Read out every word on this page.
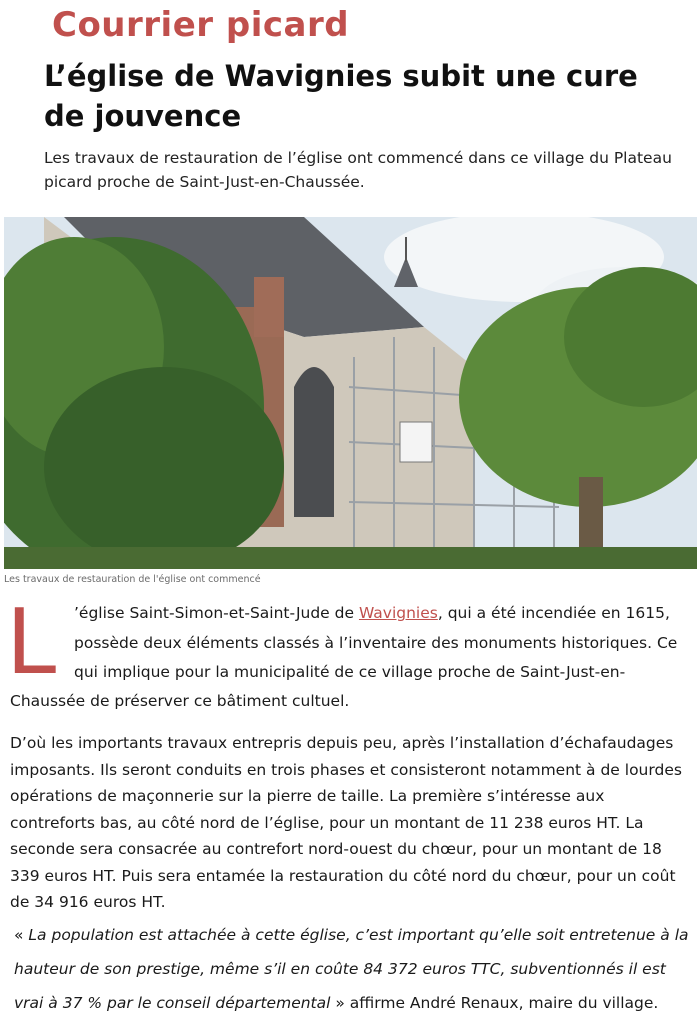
Courrier picard
L’église de Wavignies subit une cure de jouvence
Les travaux de restauration de l’église ont commencé dans ce village du Plateau picard proche de Saint-Just-en-Chaussée.
Les travaux de restauration de l'église ont commencé
L ’église Saint-Simon-et-Saint-Jude de Wavignies, qui a été incendiée en 1615, possède deux éléments classés à l’inventaire des monuments historiques. Ce qui implique pour la municipalité de ce village proche de Saint-Just-en-
Chaussée de préserver ce bâtiment cultuel.
D’où les importants travaux entrepris depuis peu, après l’installation d’échafaudages imposants. Ils seront conduits en trois phases et consisteront notamment à de lourdes opérations de maçonnerie sur la pierre de taille. La première s’intéresse aux contreforts bas, au côté nord de l’église, pour un montant de 11 238 euros HT. La seconde sera consacrée au contrefort nord-ouest du chœur, pour un montant de 18 339 euros HT. Puis sera entamée la restauration du côté nord du chœur, pour un coût de 34 916 euros HT.
« La population est attachée à cette église, c’est important qu’elle soit entretenue à la hauteur de son prestige, même s’il en coûte 84 372 euros TTC, subventionnés il est vrai à 37 % par le conseil départemental » affirme André Renaux, maire du village.
